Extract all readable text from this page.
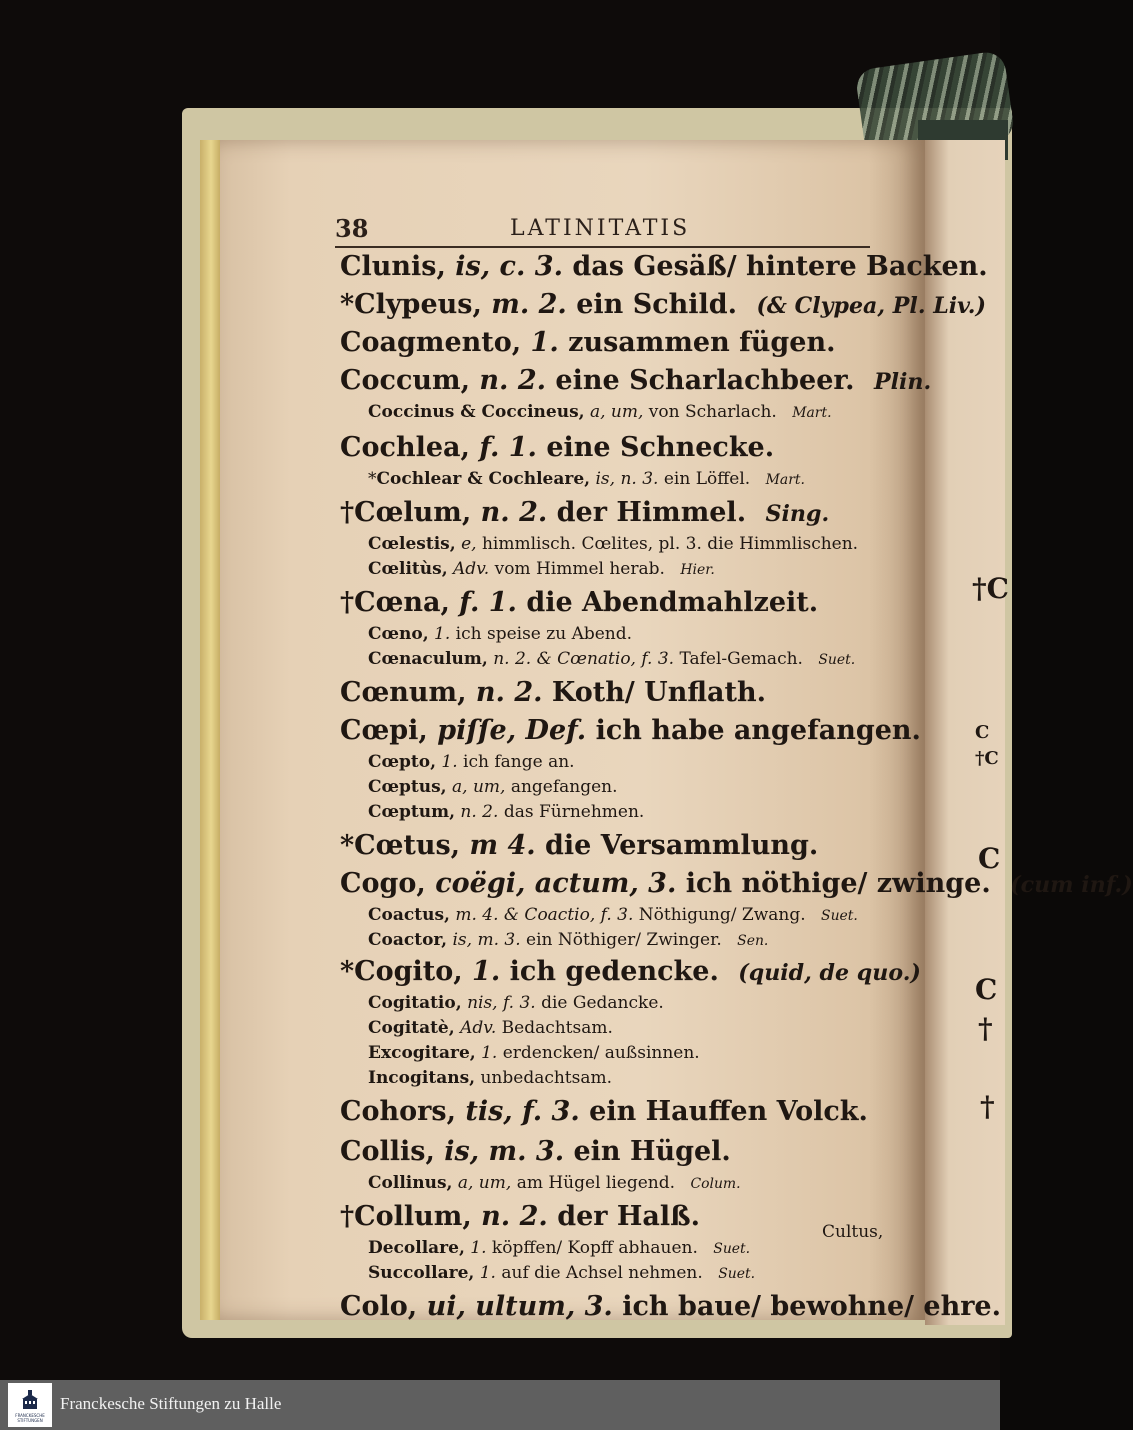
38	LATINITATIS
Clunis, is, c. 3. das Gesäß/ hintere Backen.
*Clypeus, m. 2. ein Schild. (& Clypea, Pl. Liv.)
Coagmento, 1. zusammen fügen.
Coccum, n. 2. eine Scharlachbeer. Plin.
Coccinus & Coccineus, a, um, von Scharlach. Mart.
Cochlea, f. 1. eine Schnecke.
*Cochlear & Cochleare, is, n. 3. ein Löffel. Mart.
†Cœlum, n. 2. der Himmel. Sing.
Cœlestis, e, himmlisch. Cœlites, pl. 3. die Himmlischen.
Cœlitùs, Adv. vom Himmel herab. Hier.
†Cœna, f. 1. die Abendmahlzeit.
Cœno, 1. ich speise zu Abend.
Cœnaculum, n. 2. & Cœnatio, f. 3. Tafel-Gemach. Suet.
Cœnum, n. 2. Koth/ Unflath.
Cœpi, piſſe, Def. ich habe angefangen.
Cœpto, 1. ich fange an.
Cœptus, a, um, angefangen.
Cœptum, n. 2. das Fürnehmen.
*Cœtus, m 4. die Versammlung.
Cogo, coëgi, actum, 3. ich nöthige/ zwinge. (cum inf.)
Coactus, m. 4. & Coactio, f. 3. Nöthigung/ Zwang. Suet.
Coactor, is, m. 3. ein Nöthiger/ Zwinger. Sen.
*Cogito, 1. ich gedencke. (quid, de quo.)
Cogitatio, nis, f. 3. die Gedancke.
Cogitatè, Adv. Bedachtsam.
Excogitare, 1. erdencken/ außsinnen.
Incogitans, unbedachtsam.
Cohors, tis, f. 3. ein Hauffen Volck.
Collis, is, m. 3. ein Hügel.
Collinus, a, um, am Hügel liegend. Colum.
†Collum, n. 2. der Halß.
Decollare, 1. köpffen/ Kopff abhauen. Suet.
Succollare, 1. auf die Achsel nehmen. Suet.
Colo, ui, ultum, 3. ich baue/ bewohne/ ehre.
Cultus,
†C
C
†C
C
C
†
†
FRANCKESCHE STIFTUNGEN
Franckesche Stiftungen zu Halle
